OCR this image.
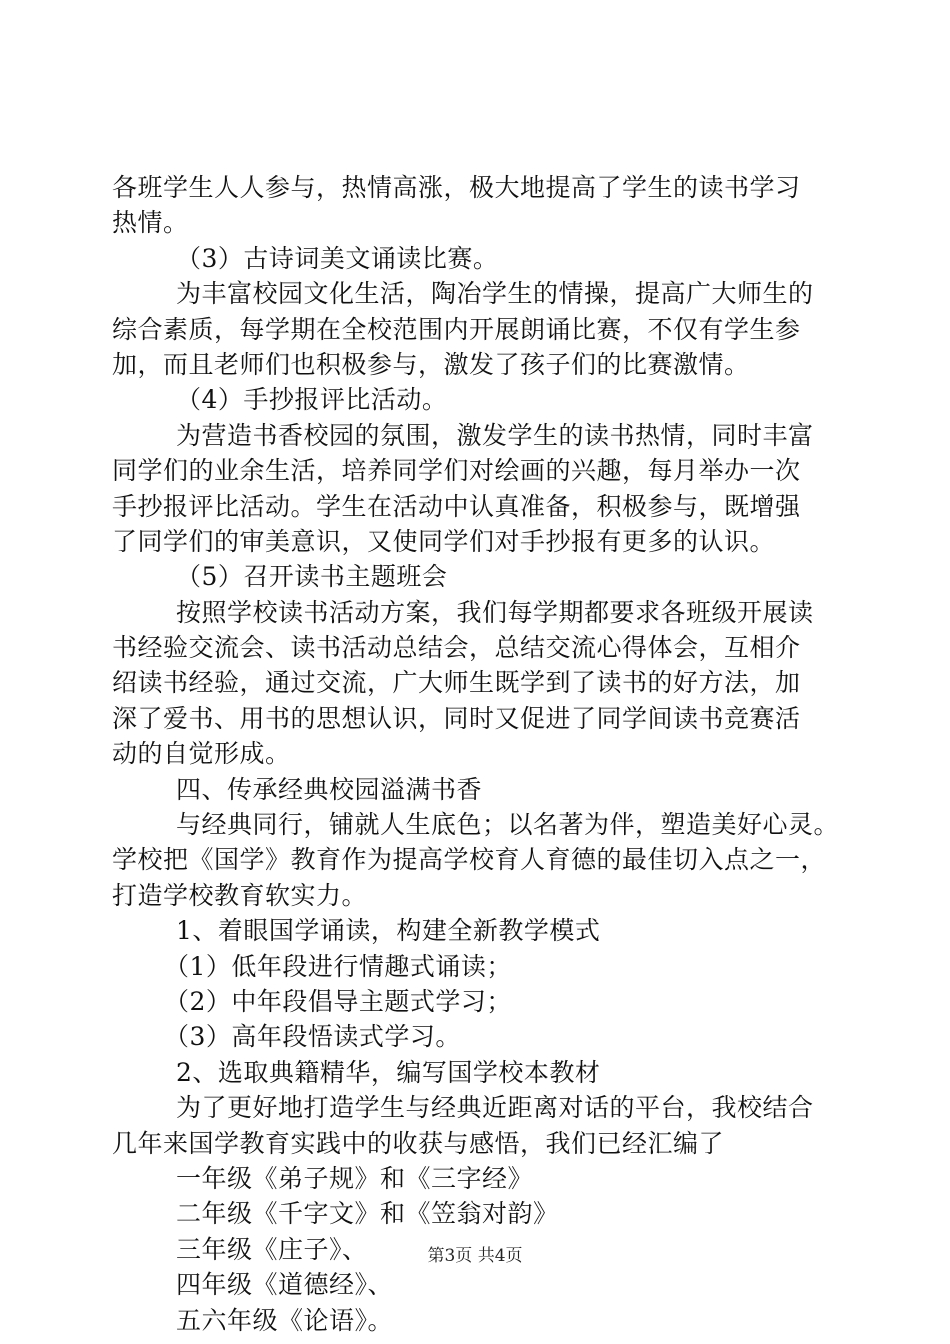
各班学生人人参与，热情高涨，极大地提高了学生的读书学习
热情。
（3）古诗词美文诵读比赛。
为丰富校园文化生活，陶冶学生的情操，提高广大师生的
综合素质，每学期在全校范围内开展朗诵比赛，不仅有学生参
加，而且老师们也积极参与，激发了孩子们的比赛激情。
（4）手抄报评比活动。
为营造书香校园的氛围，激发学生的读书热情，同时丰富
同学们的业余生活，培养同学们对绘画的兴趣，每月举办一次
手抄报评比活动。学生在活动中认真准备，积极参与，既增强
了同学们的审美意识，又使同学们对手抄报有更多的认识。
（5）召开读书主题班会
按照学校读书活动方案，我们每学期都要求各班级开展读
书经验交流会、读书活动总结会，总结交流心得体会，互相介
绍读书经验，通过交流，广大师生既学到了读书的好方法，加
深了爱书、用书的思想认识，同时又促进了同学间读书竞赛活
动的自觉形成。
四、传承经典校园溢满书香
与经典同行，铺就人生底色；以名著为伴，塑造美好心灵。
学校把《国学》教育作为提高学校育人育德的最佳切入点之一，
打造学校教育软实力。
1、着眼国学诵读，构建全新教学模式
（1）低年段进行情趣式诵读；
（2）中年段倡导主题式学习；
（3）高年段悟读式学习。
2、选取典籍精华，编写国学校本教材
为了更好地打造学生与经典近距离对话的平台，我校结合
几年来国学教育实践中的收获与感悟，我们已经汇编了
一年级《弟子规》和《三字经》
二年级《千字文》和《笠翁对韵》
三年级《庄子》、
四年级《道德经》、
五六年级《论语》。
第3页 共4页
